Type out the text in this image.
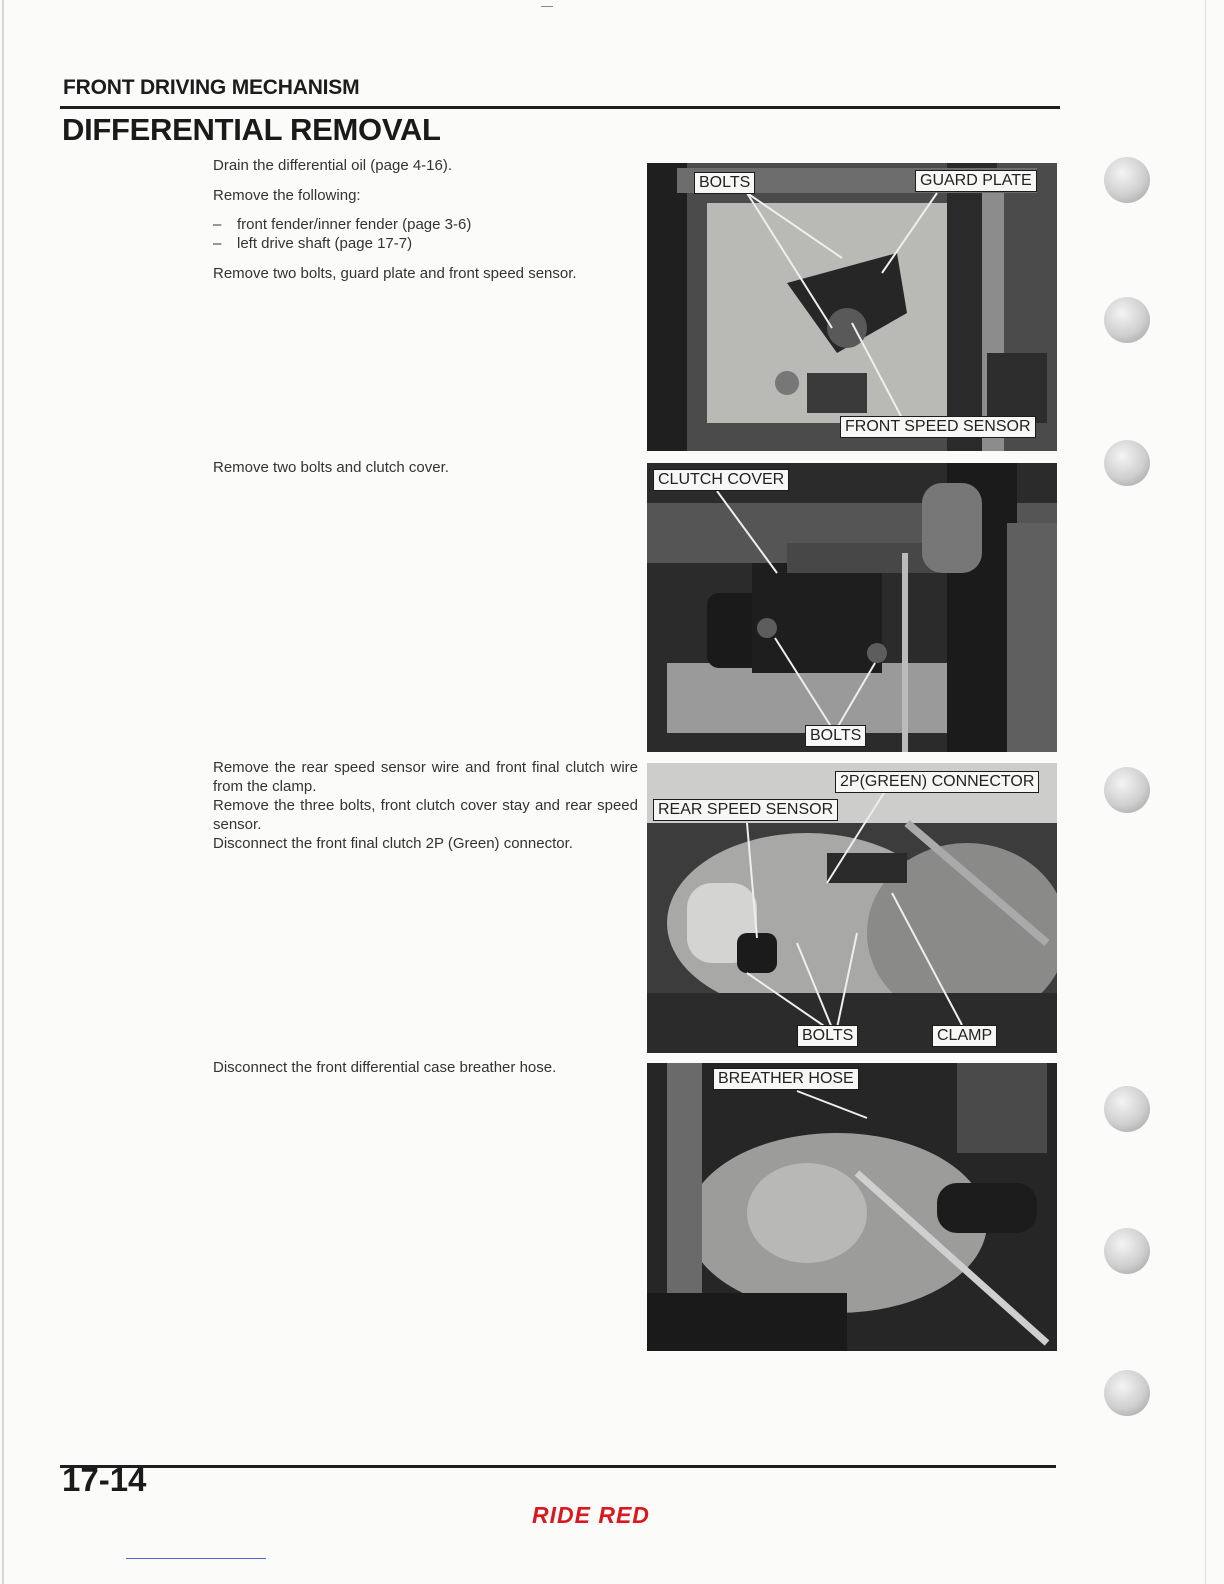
FRONT DRIVING MECHANISM
DIFFERENTIAL REMOVAL

Drain the differential oil (page 4-16).

Remove the following:

– front fender/inner fender (page 3-6)
– left drive shaft (page 17-7)

Remove two bolts, guard plate and front speed sensor.

Remove two bolts and clutch cover.

Remove the rear speed sensor wire and front final clutch wire from the clamp.

Remove the three bolts, front clutch cover stay and rear speed sensor.

Disconnect the front final clutch 2P (Green) connector.

Disconnect the front differential case breather hose.

BOLTS	GUARD PLATE
FRONT SPEED SENSOR
CLUTCH COVER
BOLTS
2P(GREEN) CONNECTOR
REAR SPEED SENSOR
BOLTS	CLAMP
BREATHER HOSE
17-14
RIDE RED
